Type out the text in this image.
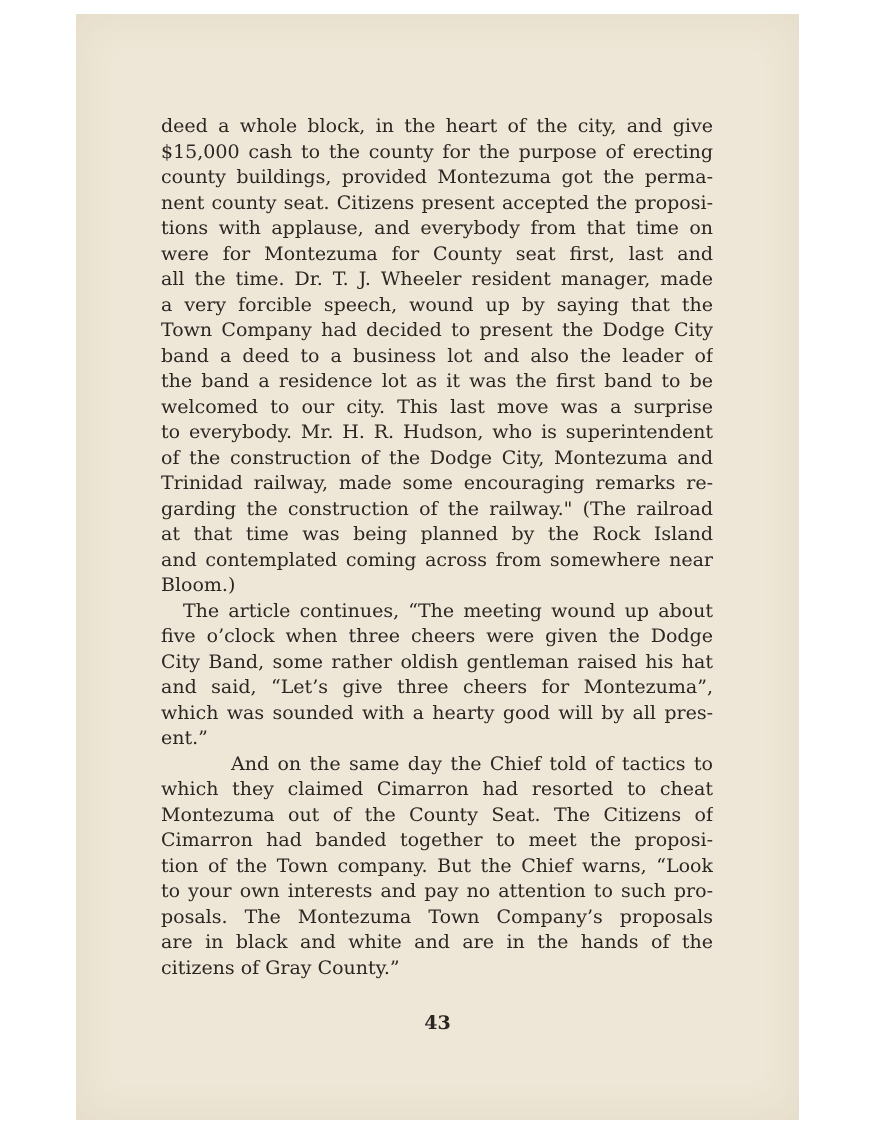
deed a whole block, in the heart of the city, and give
$15,000 cash to the county for the purpose of erecting
county buildings, provided Montezuma got the perma-
nent county seat. Citizens present accepted the proposi-
tions with applause, and everybody from that time on
were for Montezuma for County seat first, last and
all the time. Dr. T. J. Wheeler resident manager, made
a very forcible speech, wound up by saying that the
Town Company had decided to present the Dodge City
band a deed to a business lot and also the leader of
the band a residence lot as it was the first band to be
welcomed to our city. This last move was a surprise
to everybody. Mr. H. R. Hudson, who is superintendent
of the construction of the Dodge City, Montezuma and
Trinidad railway, made some encouraging remarks re-
garding the construction of the railway." (The railroad
at that time was being planned by the Rock Island
and contemplated coming across from somewhere near
Bloom.)
The article continues, “The meeting wound up about
five o’clock when three cheers were given the Dodge
City Band, some rather oldish gentleman raised his hat
and said, “Let’s give three cheers for Montezuma”,
which was sounded with a hearty good will by all pres-
ent.”
And on the same day the Chief told of tactics to
which they claimed Cimarron had resorted to cheat
Montezuma out of the County Seat. The Citizens of
Cimarron had banded together to meet the proposi-
tion of the Town company. But the Chief warns, “Look
to your own interests and pay no attention to such pro-
posals. The Montezuma Town Company’s proposals
are in black and white and are in the hands of the
citizens of Gray County.”
43
